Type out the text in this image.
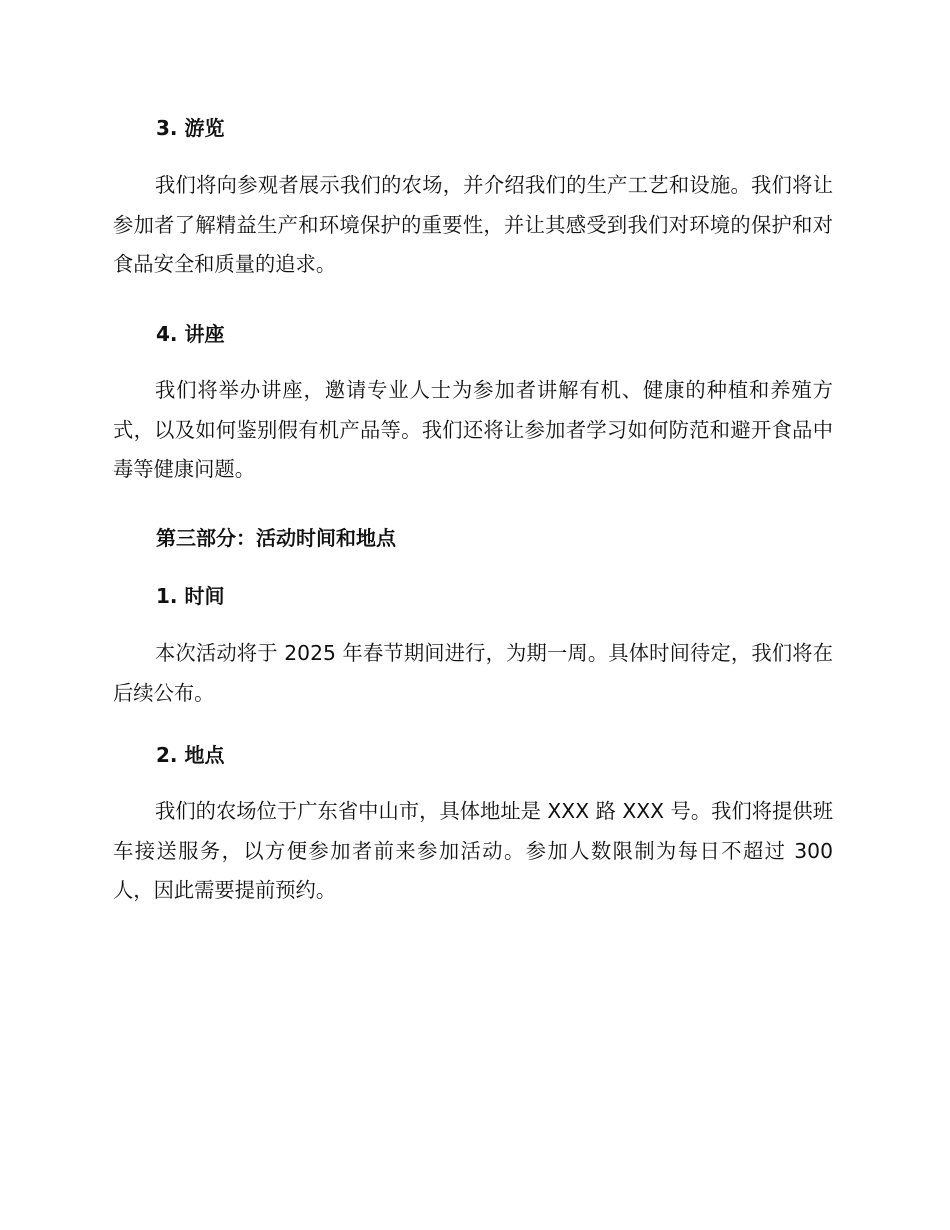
3. 游览

我们将向参观者展示我们的农场，并介绍我们的生产工艺和设施。我们将让参加者了解精益生产和环境保护的重要性，并让其感受到我们对环境的保护和对食品安全和质量的追求。

4. 讲座

我们将举办讲座，邀请专业人士为参加者讲解有机、健康的种植和养殖方式，以及如何鉴别假有机产品等。我们还将让参加者学习如何防范和避开食品中毒等健康问题。

第三部分：活动时间和地点
1. 时间

本次活动将于 2025 年春节期间进行，为期一周。具体时间待定，我们将在后续公布。

2. 地点

我们的农场位于广东省中山市，具体地址是 XXX 路 XXX 号。我们将提供班车接送服务，以方便参加者前来参加活动。参加人数限制为每日不超过 300 人，因此需要提前预约。
